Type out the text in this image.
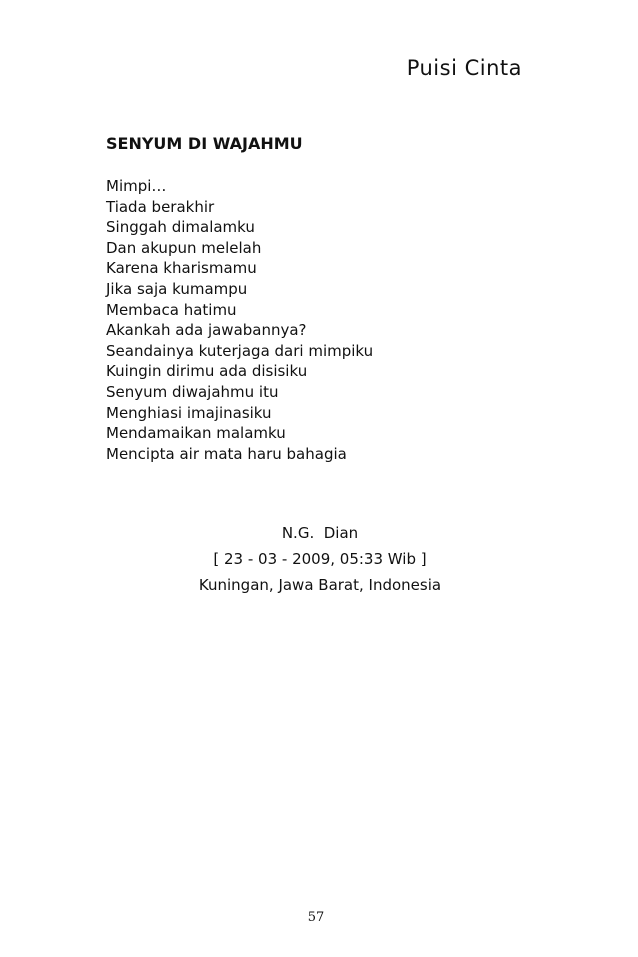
Puisi Cinta
SENYUM DI WAJAHMU
Mimpi…
Tiada berakhir
Singgah dimalamku
Dan akupun melelah
Karena kharismamu
Jika saja kumampu
Membaca hatimu
Akankah ada jawabannya?
Seandainya kuterjaga dari mimpiku
Kuingin dirimu ada disisiku
Senyum diwajahmu itu
Menghiasi imajinasiku
Mendamaikan malamku
Mencipta air mata haru bahagia
N.G.  Dian
[ 23 - 03 - 2009, 05:33 Wib ]
Kuningan, Jawa Barat, Indonesia
57
